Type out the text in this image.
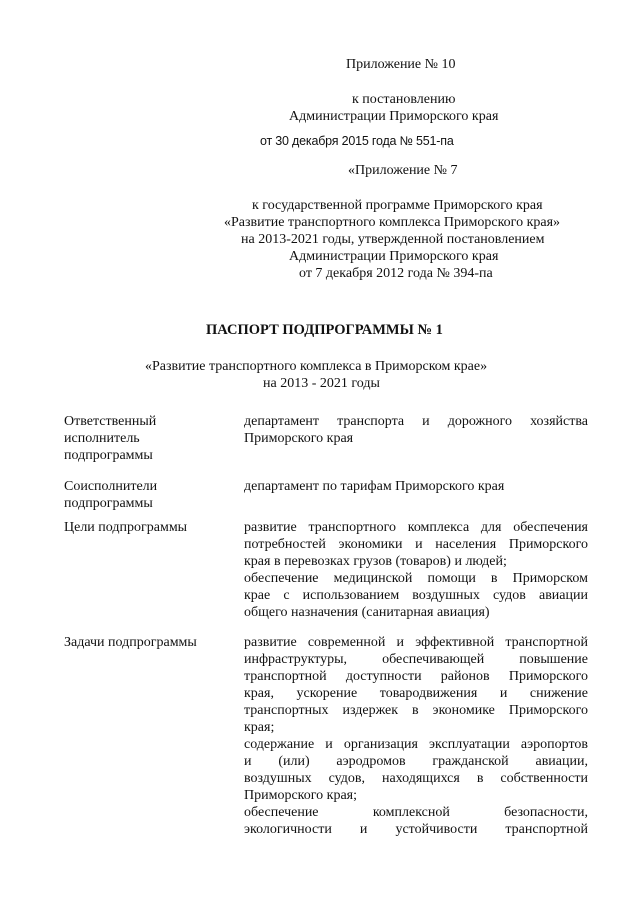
Приложение № 10
к постановлению
Администрации Приморского края
от 30 декабря 2015 года № 551-па
«Приложение № 7
к государственной программе Приморского края
«Развитие транспортного комплекса Приморского края»
на 2013-2021 годы, утвержденной постановлением
Администрации Приморского края
от 7 декабря 2012 года № 394-па
ПАСПОРТ ПОДПРОГРАММЫ № 1
«Развитие транспортного комплекса в Приморском крае»
на 2013 - 2021 годы
Ответственный
исполнитель
подпрограммы
департамент транспорта и дорожного хозяйства
Приморского края
Соисполнители
подпрограммы
департамент по тарифам Приморского края
Цели подпрограммы	развитие транспортного комплекса для обеспечения
потребностей экономики и населения Приморского
края в перевозках грузов (товаров) и людей;
обеспечение медицинской помощи в Приморском
крае с использованием воздушных судов авиации
общего назначения (санитарная авиация)
Задачи подпрограммы	развитие современной и эффективной транспортной
инфраструктуры, обеспечивающей повышение
транспортной доступности районов Приморского
края, ускорение товародвижения и снижение
транспортных издержек в экономике Приморского
края;
содержание и организация эксплуатации аэропортов
и (или) аэродромов гражданской авиации,
воздушных судов, находящихся в собственности
Приморского края;
обеспечение комплексной безопасности,
экологичности и устойчивости транспортной
